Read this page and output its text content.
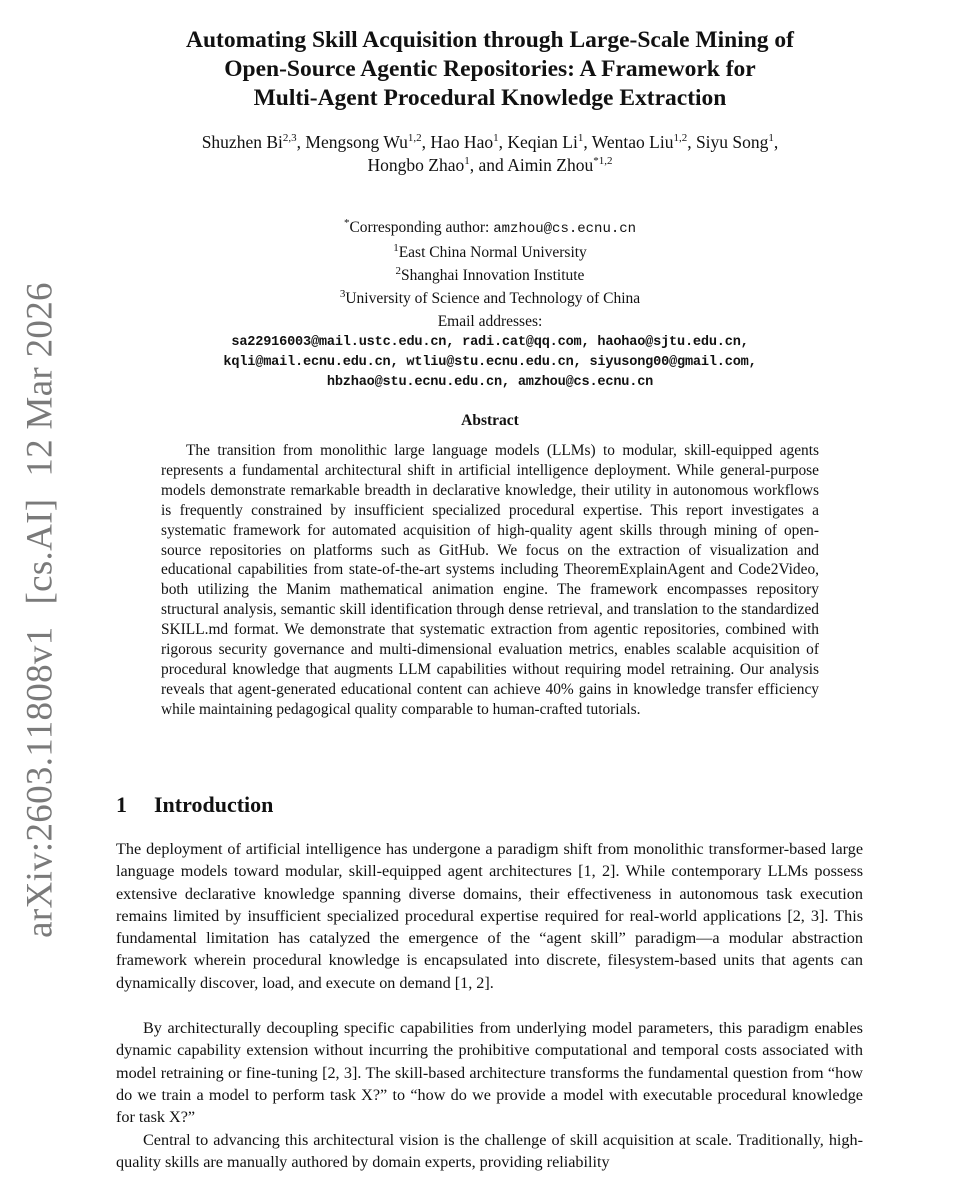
arXiv:2603.11808v1[cs.AI]12 Mar 2026
Automating Skill Acquisition through Large-Scale Mining of
Open-Source Agentic Repositories: A Framework for
Multi-Agent Procedural Knowledge Extraction
Shuzhen Bi$^{2,3}$, Mengsong Wu$^{1,2}$, Hao Hao$^1$, Keqian Li$^1$, Wentao Liu$^{1,2}$, Siyu Song$^1$,
Hongbo Zhao$^1$, and Aimin Zhou$^{*1,2}$
*Corresponding author: amzhou@cs.ecnu.cn
$^1$East China Normal University
$^2$Shanghai Innovation Institute
$^3$University of Science and Technology of China
Email addresses:
sa22916003@mail.ustc.edu.cn, radi.cat@qq.com, haohao@sjtu.edu.cn,
kqli@mail.ecnu.edu.cn, wtliu@stu.ecnu.edu.cn, siyusong00@gmail.com,
hbzhao@stu.ecnu.edu.cn, amzhou@cs.ecnu.cn
Abstract

The transition from monolithic large language models (LLMs) to modular, skill-equipped agents represents a fundamental architectural shift in artificial intelligence deployment. While general-purpose models demonstrate remarkable breadth in declarative knowledge, their utility in autonomous workflows is frequently constrained by insufficient specialized procedural expertise. This report investigates a systematic framework for automated acquisition of high-quality agent skills through mining of open-source repositories on platforms such as GitHub. We focus on the extraction of visualization and educational capabilities from state-of-the-art systems including TheoremExplainAgent and Code2Video, both utilizing the Manim mathematical animation engine. The framework encompasses repository structural analysis, semantic skill identification through dense retrieval, and translation to the standardized SKILL.md format. We demonstrate that systematic extraction from agentic repositories, combined with rigorous security governance and multi-dimensional evaluation metrics, enables scalable acquisition of procedural knowledge that augments LLM capabilities without requiring model retraining. Our analysis reveals that agent-generated educational content can achieve 40% gains in knowledge transfer efficiency while maintaining pedagogical quality comparable to human-crafted tutorials.

1 Introduction

The deployment of artificial intelligence has undergone a paradigm shift from monolithic transformer-based large language models toward modular, skill-equipped agent architectures [1, 2]. While contemporary LLMs possess extensive declarative knowledge spanning diverse domains, their effectiveness in autonomous task execution remains limited by insufficient specialized procedural expertise required for real-world applications [2, 3]. This fundamental limitation has catalyzed the emergence of the “agent skill” paradigm—a modular abstraction framework wherein procedural knowledge is encapsulated into discrete, filesystem-based units that agents can dynamically discover, load, and execute on demand [1, 2].

By architecturally decoupling specific capabilities from underlying model parameters, this paradigm enables dynamic capability extension without incurring the prohibitive computational and temporal costs associated with model retraining or fine-tuning [2, 3]. The skill-based architecture transforms the fundamental question from “how do we train a model to perform task X?” to “how do we provide a model with executable procedural knowledge for task X?”

Central to advancing this architectural vision is the challenge of skill acquisition at scale. Traditionally, high-quality skills are manually authored by domain experts, providing reliability
